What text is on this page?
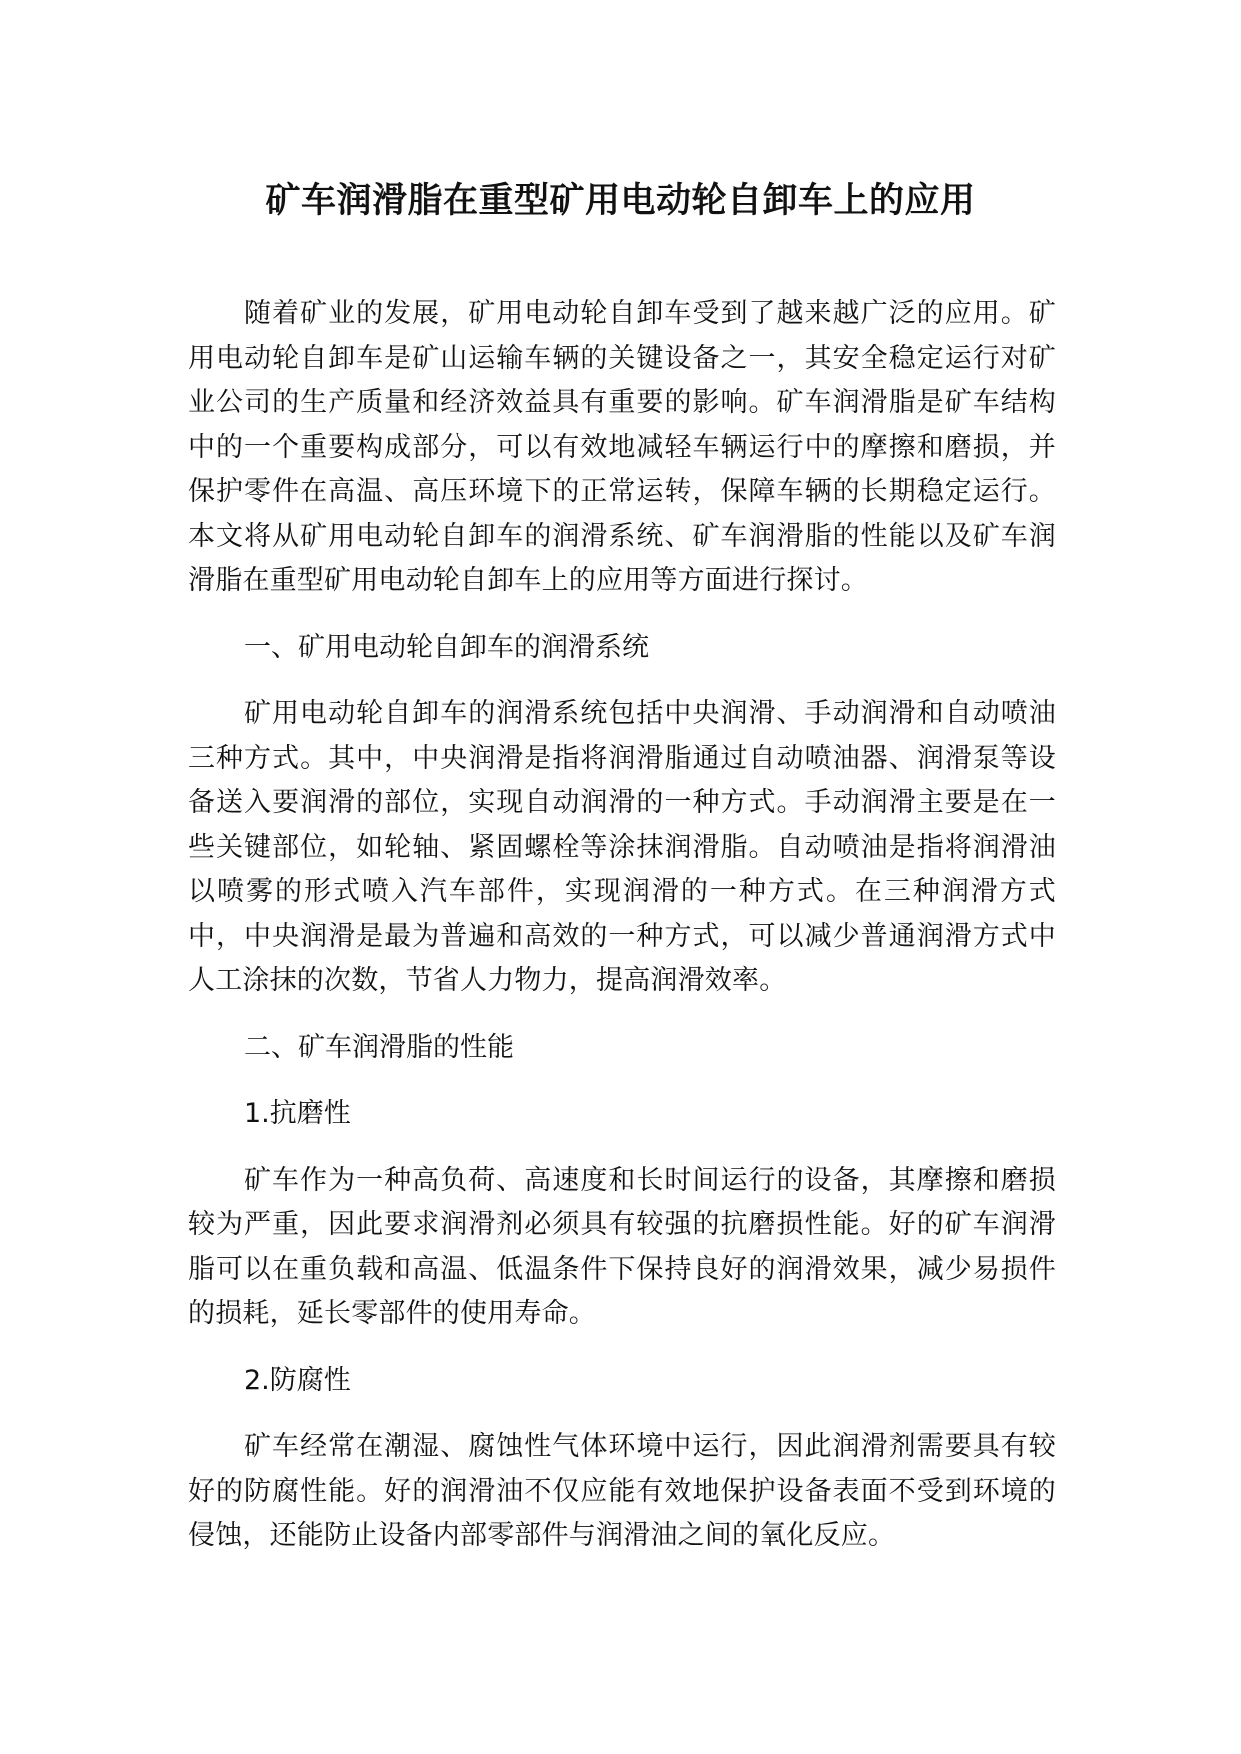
矿车润滑脂在重型矿用电动轮自卸车上的应用

随着矿业的发展，矿用电动轮自卸车受到了越来越广泛的应用。矿用电动轮自卸车是矿山运输车辆的关键设备之一，其安全稳定运行对矿业公司的生产质量和经济效益具有重要的影响。矿车润滑脂是矿车结构中的一个重要构成部分，可以有效地减轻车辆运行中的摩擦和磨损，并保护零件在高温、高压环境下的正常运转，保障车辆的长期稳定运行。本文将从矿用电动轮自卸车的润滑系统、矿车润滑脂的性能以及矿车润滑脂在重型矿用电动轮自卸车上的应用等方面进行探讨。

一、矿用电动轮自卸车的润滑系统

矿用电动轮自卸车的润滑系统包括中央润滑、手动润滑和自动喷油三种方式。其中，中央润滑是指将润滑脂通过自动喷油器、润滑泵等设备送入要润滑的部位，实现自动润滑的一种方式。手动润滑主要是在一些关键部位，如轮轴、紧固螺栓等涂抹润滑脂。自动喷油是指将润滑油以喷雾的形式喷入汽车部件，实现润滑的一种方式。在三种润滑方式中，中央润滑是最为普遍和高效的一种方式，可以减少普通润滑方式中人工涂抹的次数，节省人力物力，提高润滑效率。

二、矿车润滑脂的性能

1.抗磨性

矿车作为一种高负荷、高速度和长时间运行的设备，其摩擦和磨损较为严重，因此要求润滑剂必须具有较强的抗磨损性能。好的矿车润滑脂可以在重负载和高温、低温条件下保持良好的润滑效果，减少易损件的损耗，延长零部件的使用寿命。

2.防腐性

矿车经常在潮湿、腐蚀性气体环境中运行，因此润滑剂需要具有较好的防腐性能。好的润滑油不仅应能有效地保护设备表面不受到环境的侵蚀，还能防止设备内部零部件与润滑油之间的氧化反应。
